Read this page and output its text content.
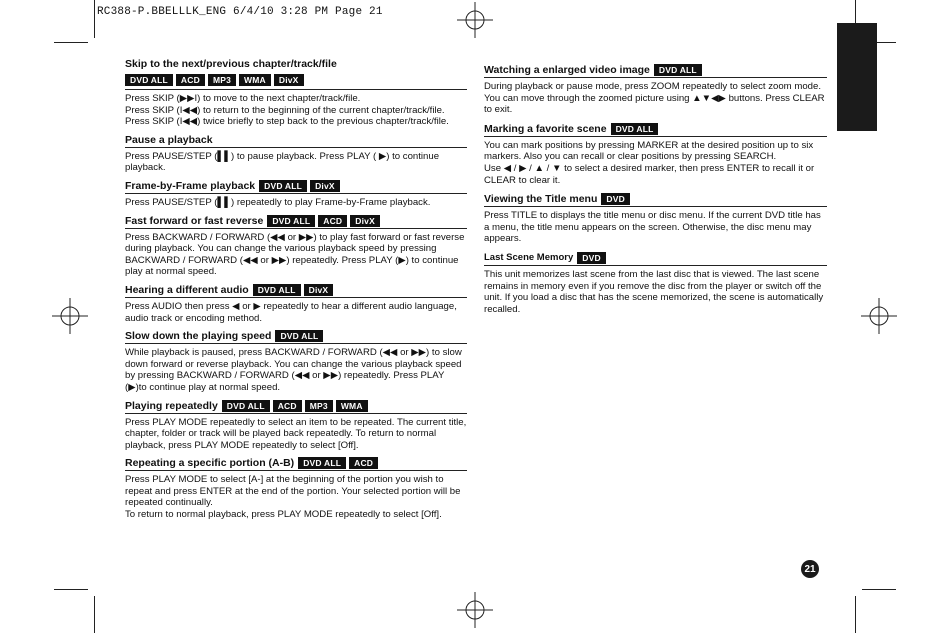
RC388-P.BBELLLK_ENG 6/4/10 3:28 PM Page 21
Skip to the next/previous chapter/track/file
DVD ALL	ACD	MP3	WMA	DivX
Press SKIP (▶▶I) to move to the next chapter/track/file.
Press SKIP (I◀◀) to return to the beginning of the current chapter/track/file.
Press SKIP (I◀◀) twice briefly to step back to the previous chapter/track/file.
Pause a playback
Press PAUSE/STEP (▌▌) to pause playback. Press PLAY ( ▶) to continue playback.
Frame-by-Frame playback	DVD ALL	DivX
Press PAUSE/STEP (▌▌) repeatedly to play Frame-by-Frame playback.
Fast forward or fast reverse	DVD ALL	ACD	DivX
Press BACKWARD / FORWARD (◀◀ or ▶▶) to play fast forward or fast reverse during playback. You can change the various playback speed by pressing BACKWARD / FORWARD (◀◀ or ▶▶) repeatedly. Press PLAY (▶) to continue play at normal speed.
Hearing a different audio	DVD ALL	DivX
Press AUDIO then press ◀ or ▶ repeatedly to hear a different audio language, audio track or encoding method.
Slow down the playing speed	DVD ALL
While playback is paused, press BACKWARD / FORWARD (◀◀ or ▶▶) to slow down forward or reverse playback. You can change the various playback speed by pressing BACKWARD / FORWARD (◀◀ or ▶▶) repeatedly. Press PLAY (▶)to continue play at normal speed.
Playing repeatedly	DVD ALL	ACD	MP3	WMA
Press PLAY MODE repeatedly to select an item to be repeated. The current title, chapter, folder or track will be played back repeatedly. To return to normal playback, press PLAY MODE repeatedly to select [Off].
Repeating a specific portion (A-B)	DVD ALL	ACD
Press PLAY MODE to select [A-] at the beginning of the portion you wish to repeat and press ENTER at the end of the portion. Your selected portion will be repeated continually.
To return to normal playback, press PLAY MODE repeatedly to select [Off].
Watching a enlarged video image	DVD ALL
During playback or pause mode, press ZOOM repeatedly to select zoom mode. You can move through the zoomed picture using ▲▼◀▶ buttons. Press CLEAR to exit.
Marking a favorite scene	DVD ALL
You can mark positions by pressing MARKER at the desired position up to six markers. Also you can recall or clear positions by pressing SEARCH.
Use ◀ / ▶ / ▲ / ▼ to select a desired marker, then press ENTER to recall it or CLEAR to clear it.
Viewing the Title menu	DVD
Press TITLE to displays the title menu or disc menu. If the current DVD title has a menu, the title menu appears on the screen. Otherwise, the disc menu may appears.
Last Scene Memory	DVD
This unit memorizes last scene from the last disc that is viewed. The last scene remains in memory even if you remove the disc from the player or switch off the unit. If you load a disc that has the scene memorized, the scene is automatically recalled.
21
